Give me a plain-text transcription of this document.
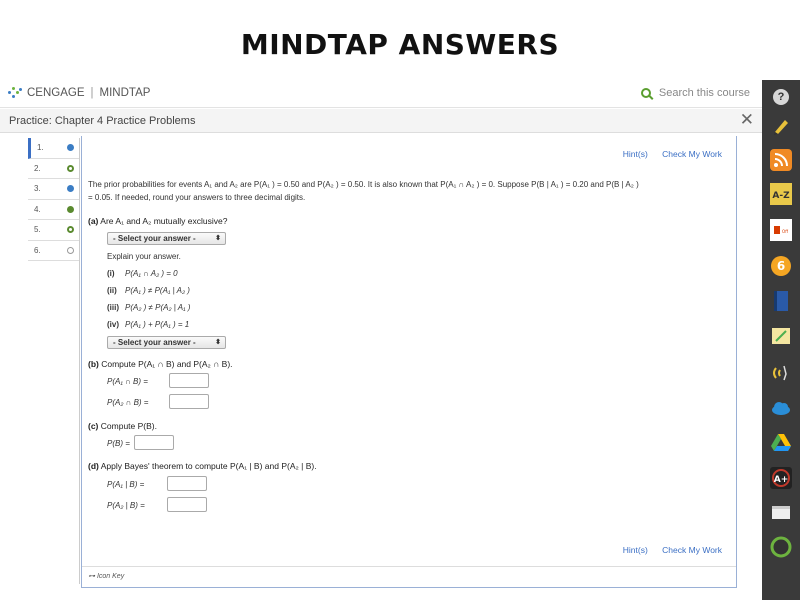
MINDTAP ANSWERS
CENGAGE | MINDTAP	Search this course
Practice: Chapter 4 Practice Problems	✕
?
A-Z
Off
6
A+
1.
2.
3.
4.
5.
6.
Hint(s) Check My Work
The prior probabilities for events A₁ and A₂ are P(A₁ ) = 0.50 and P(A₂ ) = 0.50. It is also known that P(A₁ ∩ A₂ ) = 0. Suppose P(B | A₁ ) = 0.20 and P(B | A₂ )
= 0.05. If needed, round your answers to three decimal digits.
(a) Are A₁ and A₂ mutually exclusive?
- Select your answer -	⬍
Explain your answer.
(i) P(A₁ ∩ A₂ ) = 0
(ii) P(A₁ ) ≠ P(A₁ | A₂ )
(iii) P(A₂ ) ≠ P(A₂ | A₁ )
(iv) P(A₁ ) + P(A₁ ) = 1
- Select your answer -	⬍
(b) Compute P(A₁ ∩ B) and P(A₂ ∩ B).
P(A₁ ∩ B) =
P(A₂ ∩ B) =
(c) Compute P(B).
P(B) =
(d) Apply Bayes' theorem to compute P(A₁ | B) and P(A₂ | B).
P(A₁ | B) =
P(A₂ | B) =
Hint(s) Check My Work
⊶ Icon Key
